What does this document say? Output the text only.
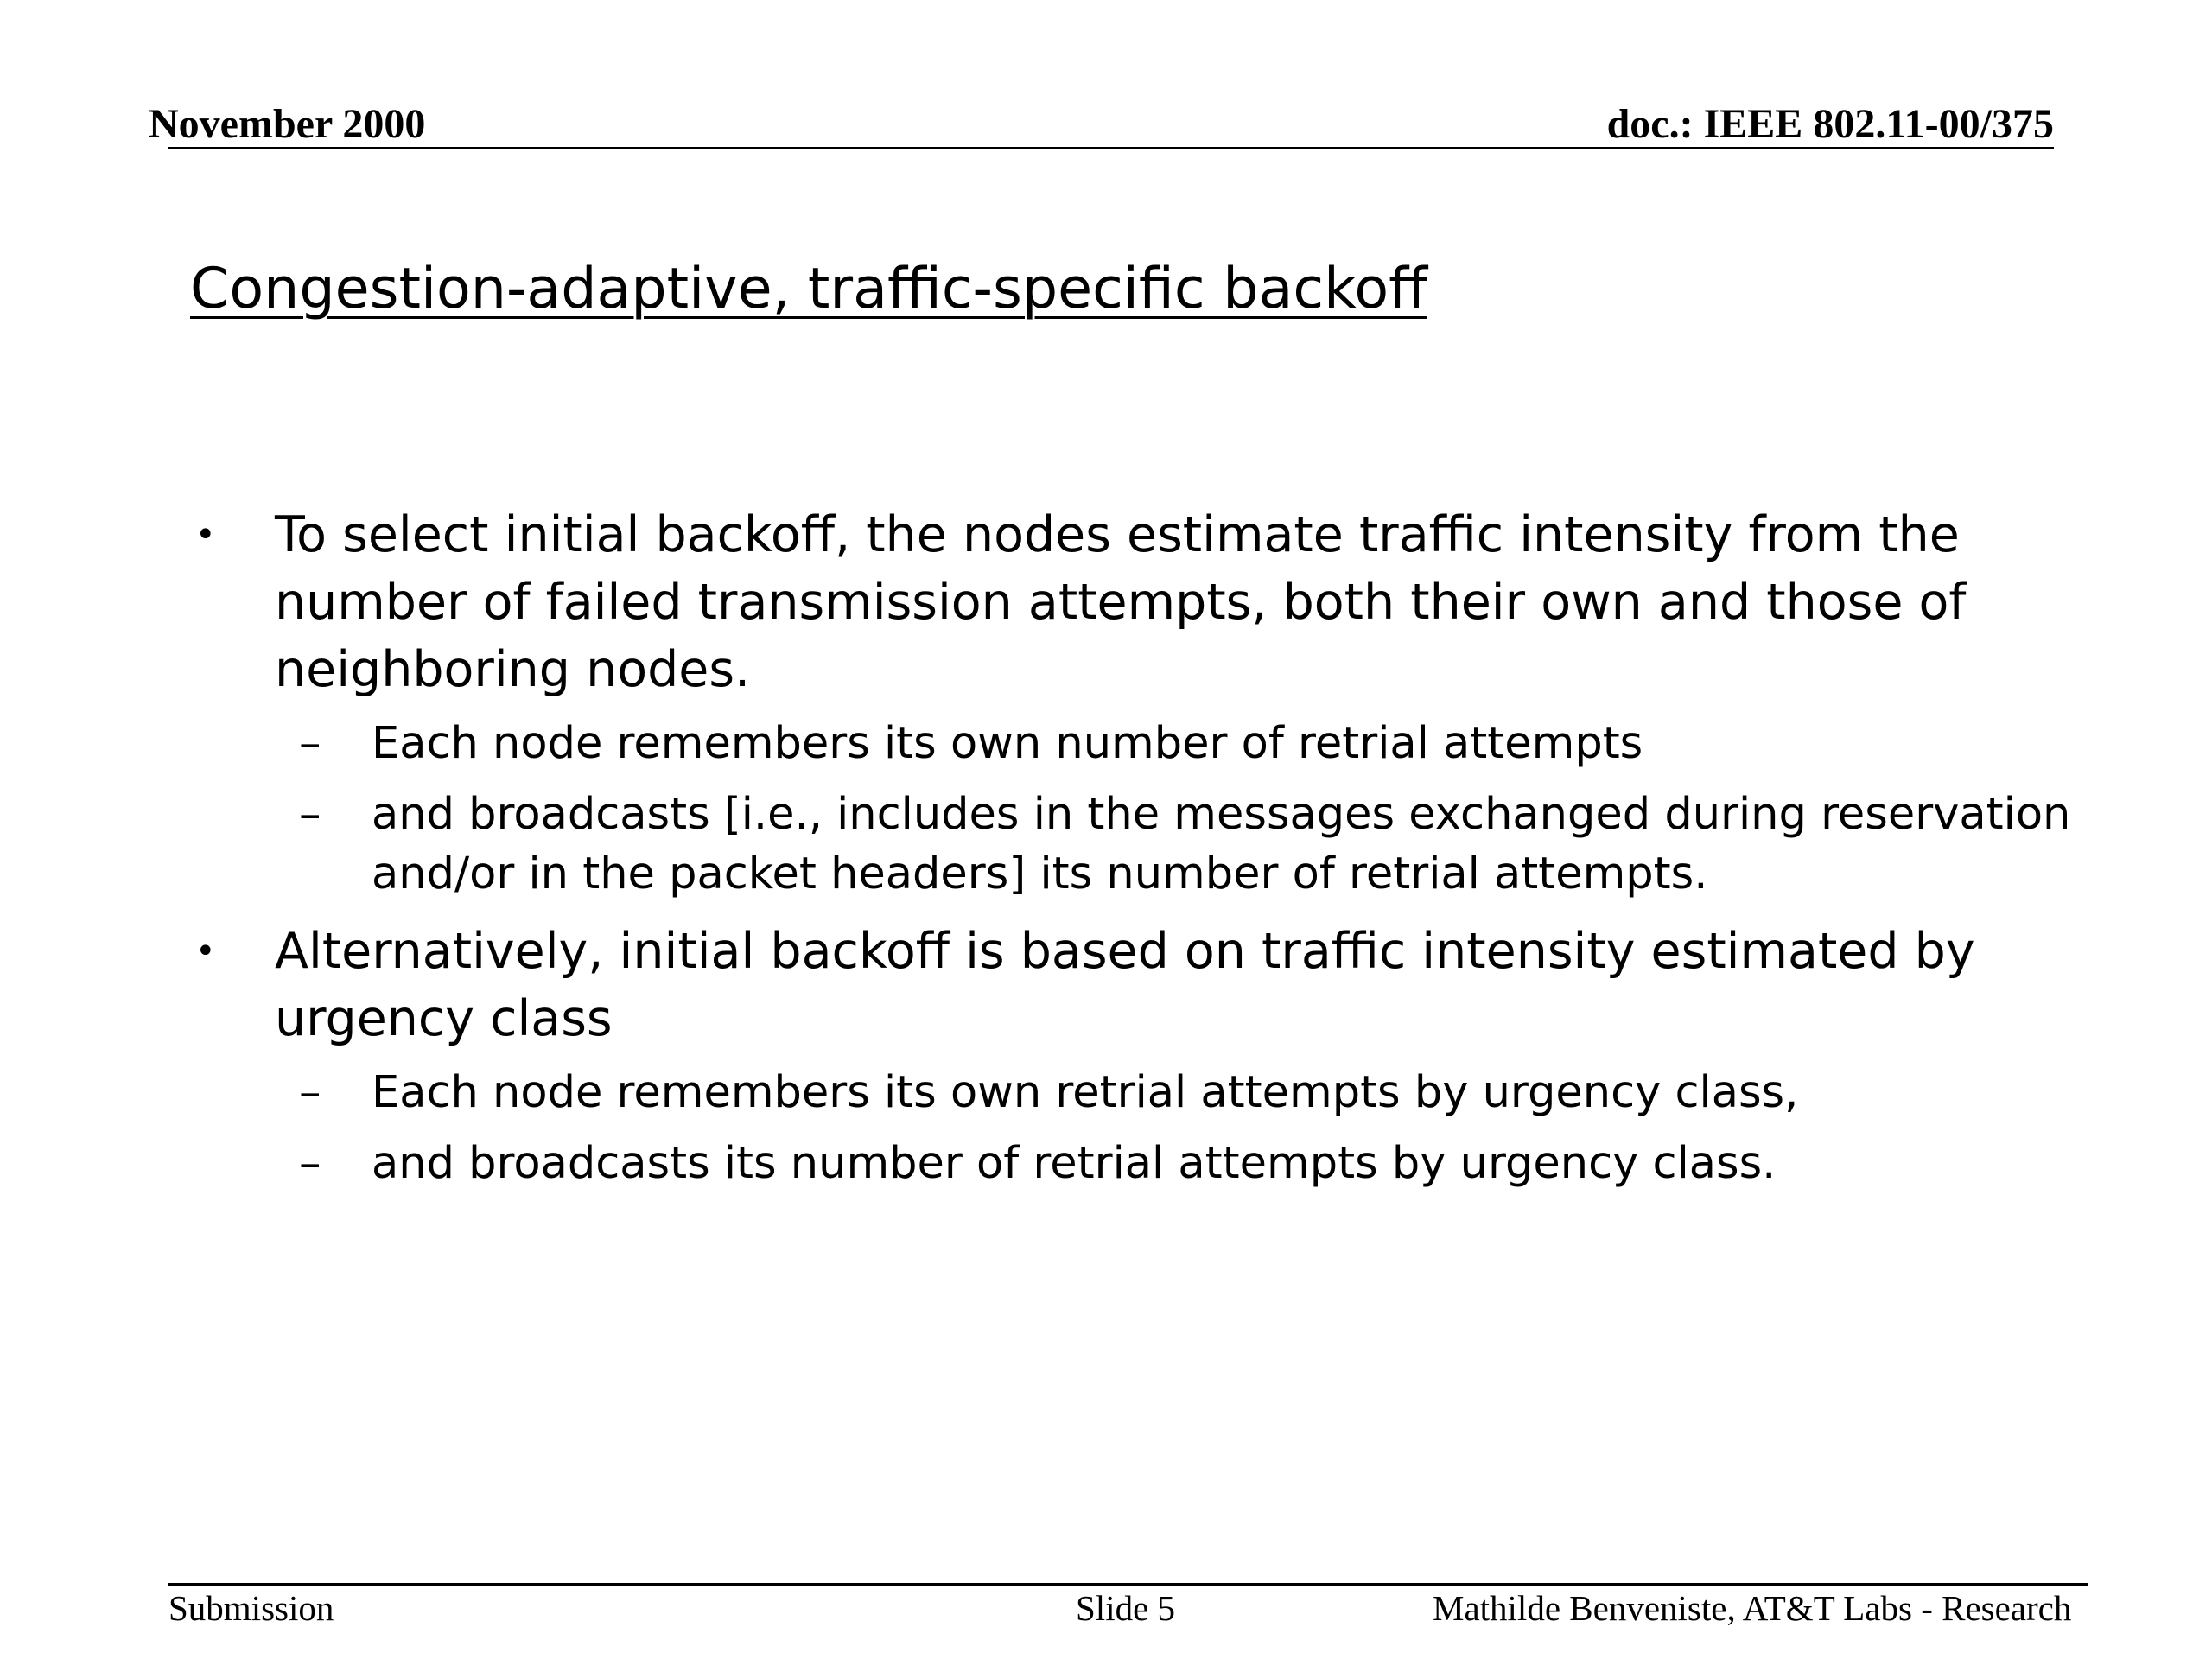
November 2000	doc.: IEEE 802.11-00/375
Congestion-adaptive, traffic-specific backoff
• To select initial backoff, the nodes estimate traffic intensity from the number of failed transmission attempts, both their own and those of neighboring nodes.
– Each node remembers its own number of retrial attempts
– and broadcasts [i.e., includes in the messages exchanged during reservation and/or in the packet headers] its number of retrial attempts.
• Alternatively, initial backoff is based on traffic intensity estimated by urgency class
– Each node remembers its own retrial attempts by urgency class,
– and broadcasts its number of retrial attempts by urgency class.
Submission	Slide 5	Mathilde Benveniste, AT&T Labs - Research
